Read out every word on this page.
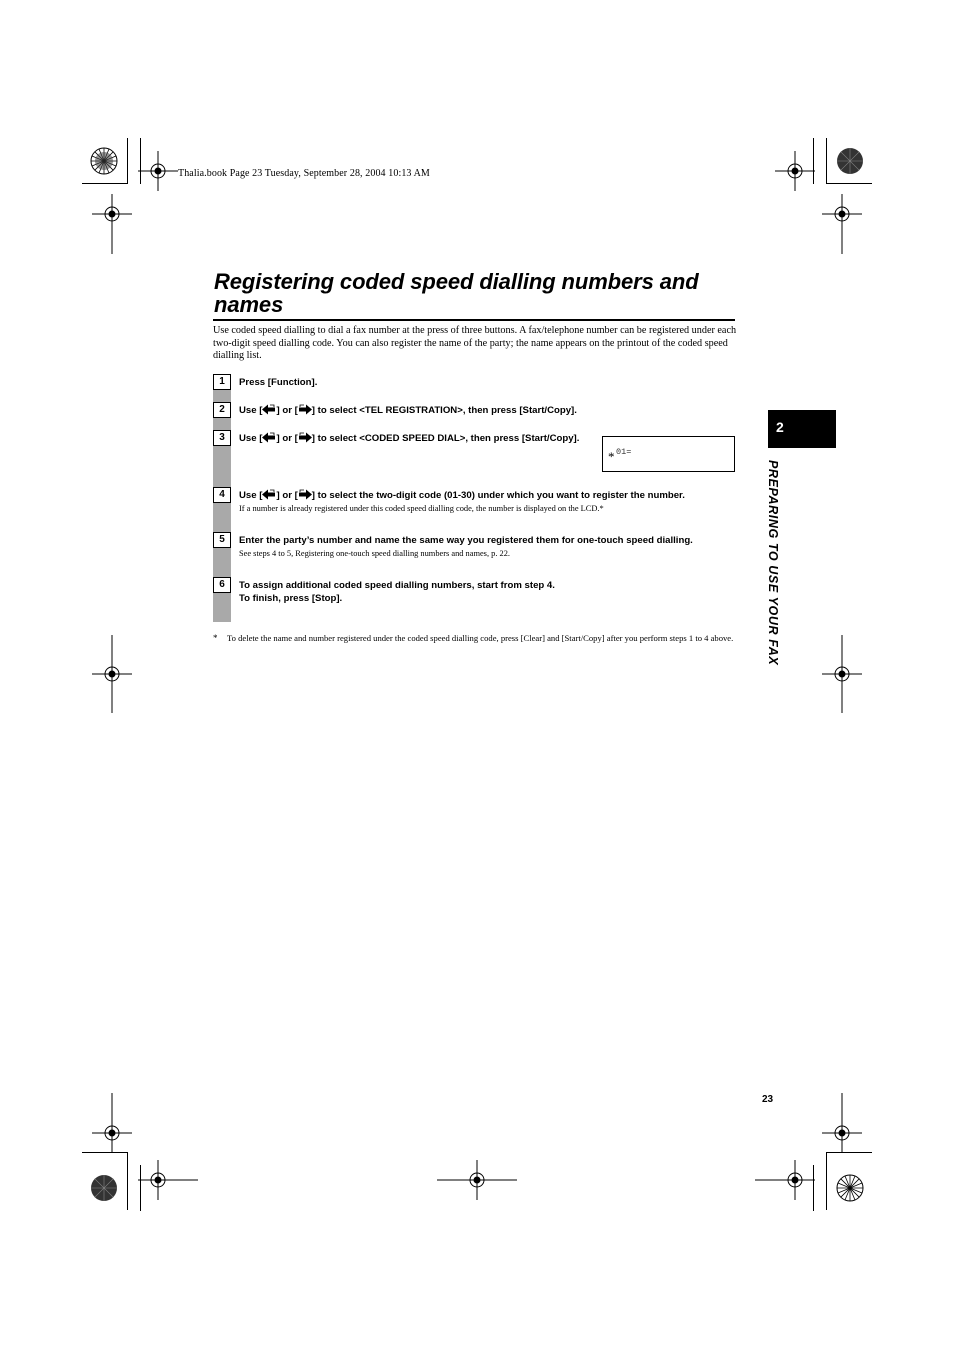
Thalia.book Page 23 Tuesday, September 28, 2004 10:13 AM
Registering coded speed dialling numbers and names

Use coded speed dialling to dial a fax number at the press of three buttons. A fax/telephone number can be registered under each two-digit speed dialling code. You can also register the name of the party; the name appears on the printout of the coded speed dialling list.

1	Press [Function].
2	Use [ ] or [ ] to select <TEL REGISTRATION>, then press [Start/Copy].
3	Use [ ] or [ ] to select <CODED SPEED DIAL>, then press [Start/Copy].
* 01=
4	Use [ ] or [ ] to select the two-digit code (01-30) under which you want to register the number.
If a number is already registered under this coded speed dialling code, the number is displayed on the LCD.*
5	Enter the party’s number and name the same way you registered them for one-touch speed dialling.
See steps 4 to 5, Registering one-touch speed dialling numbers and names, p. 22.
6	To assign additional coded speed dialling numbers, start from step 4.
To finish, press [Stop].
* To delete the name and number registered under the coded speed dialling code, press [Clear] and [Start/Copy] after you perform steps 1 to 4 above.

2
PREPARING TO USE YOUR FAX
23
